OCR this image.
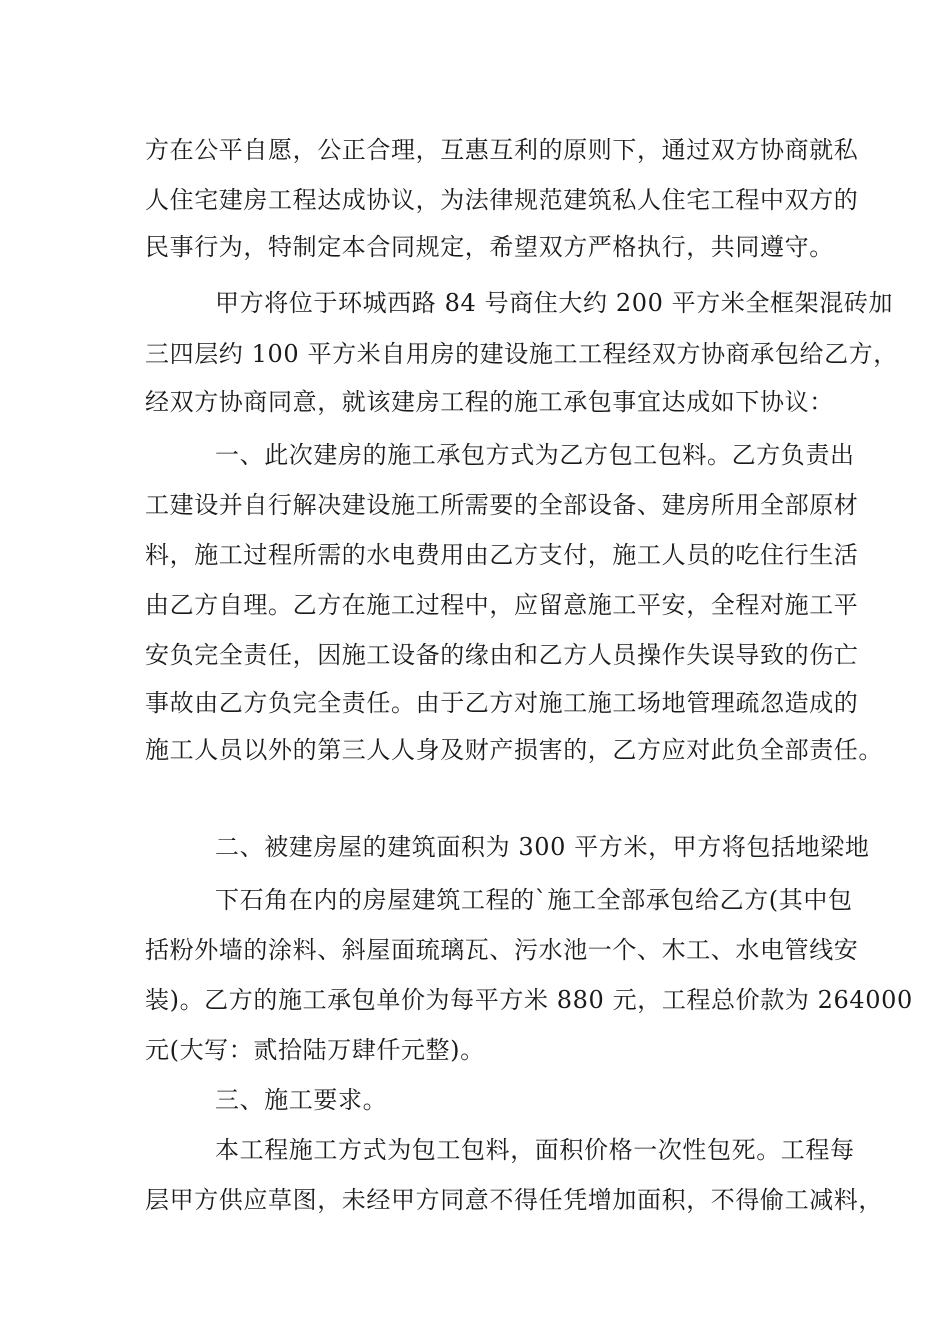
方在公平自愿，公正合理，互惠互利的原则下，通过双方协商就私
人住宅建房工程达成协议，为法律规范建筑私人住宅工程中双方的
民事行为，特制定本合同规定，希望双方严格执行，共同遵守。
甲方将位于环城西路 84 号商住大约 200 平方米全框架混砖加
三四层约 100 平方米自用房的建设施工工程经双方协商承包给乙方，
经双方协商同意，就该建房工程的施工承包事宜达成如下协议：
一、此次建房的施工承包方式为乙方包工包料。乙方负责出
工建设并自行解决建设施工所需要的全部设备、建房所用全部原材
料，施工过程所需的水电费用由乙方支付，施工人员的吃住行生活
由乙方自理。乙方在施工过程中，应留意施工平安，全程对施工平
安负完全责任，因施工设备的缘由和乙方人员操作失误导致的伤亡
事故由乙方负完全责任。由于乙方对施工施工场地管理疏忽造成的
施工人员以外的第三人人身及财产损害的，乙方应对此负全部责任。
二、被建房屋的建筑面积为 300 平方米，甲方将包括地梁地
下石角在内的房屋建筑工程的`施工全部承包给乙方(其中包
括粉外墙的涂料、斜屋面琉璃瓦、污水池一个、木工、水电管线安
装)。乙方的施工承包单价为每平方米 880 元，工程总价款为 264000
元(大写：贰拾陆万肆仟元整)。
三、施工要求。
本工程施工方式为包工包料，面积价格一次性包死。工程每
层甲方供应草图，未经甲方同意不得任凭增加面积，不得偷工减料，
